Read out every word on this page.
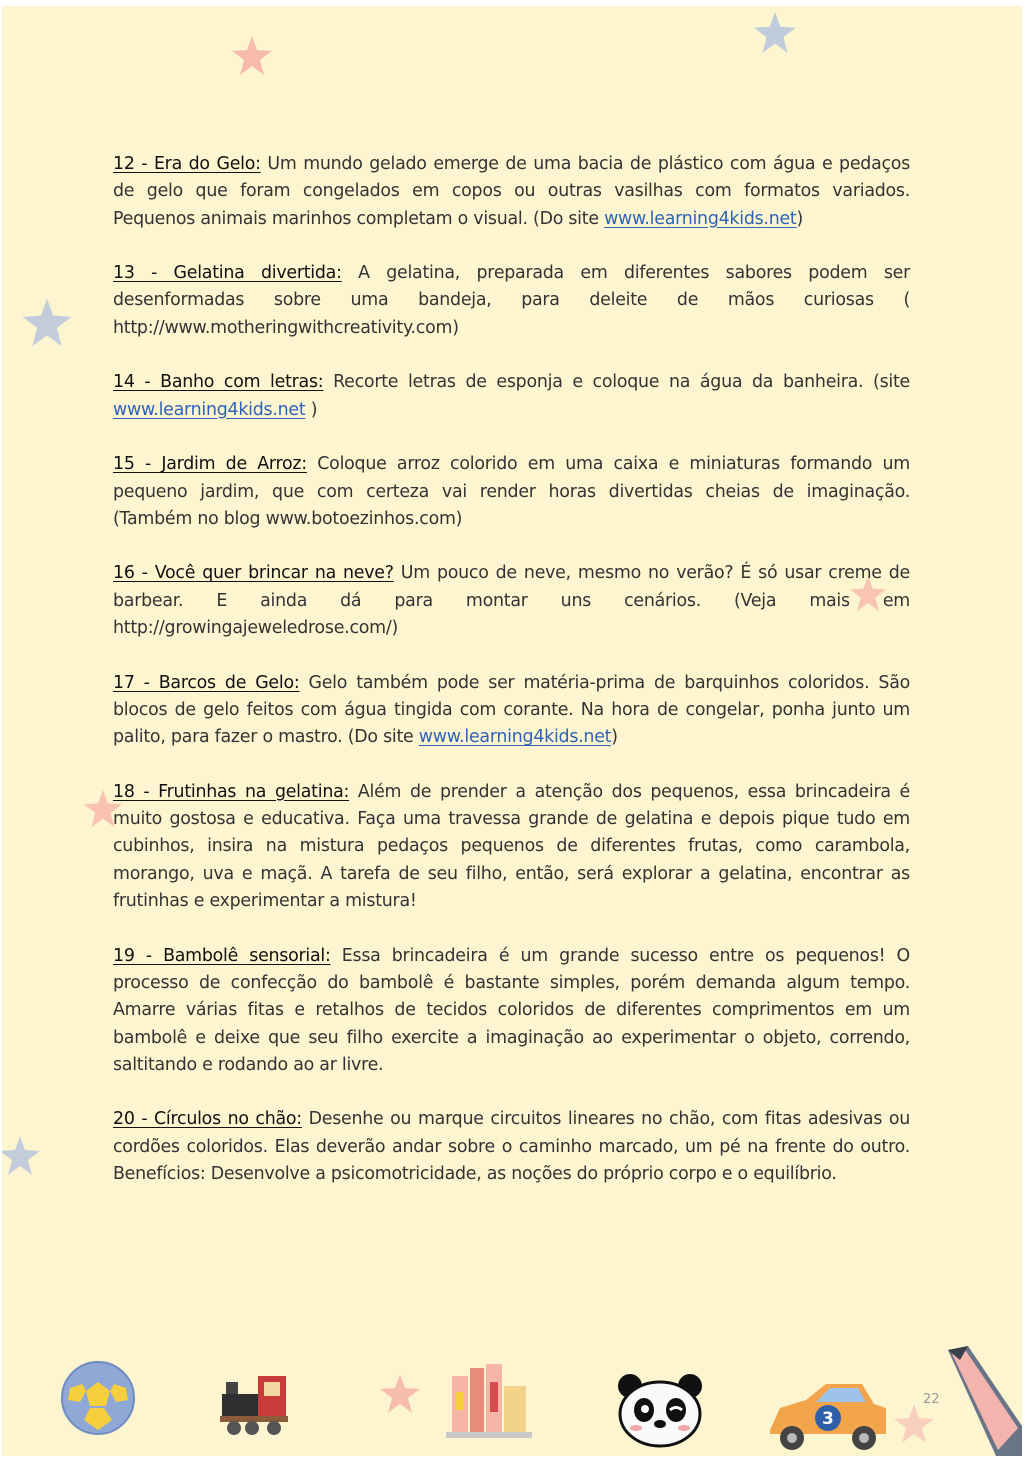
12 - Era do Gelo: Um mundo gelado emerge de uma bacia de plástico com água e pedaços de gelo que foram congelados em copos ou outras vasilhas com formatos variados. Pequenos animais marinhos completam o visual. (Do site www.learning4kids.net)

13 - Gelatina divertida: A gelatina, preparada em diferentes sabores podem ser desenformadas sobre uma bandeja, para deleite de mãos curiosas ( http://www.motheringwithcreativity.com)

14 - Banho com letras: Recorte letras de esponja e coloque na água da banheira. (site www.learning4kids.net )

15 - Jardim de Arroz: Coloque arroz colorido em uma caixa e miniaturas formando um pequeno jardim, que com certeza vai render horas divertidas cheias de imaginação. (Também no blog www.botoezinhos.com)

16 - Você quer brincar na neve? Um pouco de neve, mesmo no verão? É só usar creme de barbear. E ainda dá para montar uns cenários. (Veja mais em http://growingajeweledrose.com/)

17 - Barcos de Gelo: Gelo também pode ser matéria-prima de barquinhos coloridos. São blocos de gelo feitos com água tingida com corante. Na hora de congelar, ponha junto um palito, para fazer o mastro. (Do site www.learning4kids.net)

18 - Frutinhas na gelatina: Além de prender a atenção dos pequenos, essa brincadeira é muito gostosa e educativa. Faça uma travessa grande de gelatina e depois pique tudo em cubinhos, insira na mistura pedaços pequenos de diferentes frutas, como carambola, morango, uva e maçã. A tarefa de seu filho, então, será explorar a gelatina, encontrar as frutinhas e experimentar a mistura!

19 - Bambolê sensorial: Essa brincadeira é um grande sucesso entre os pequenos! O processo de confecção do bambolê é bastante simples, porém demanda algum tempo. Amarre várias fitas e retalhos de tecidos coloridos de diferentes comprimentos em um bambolê e deixe que seu filho exercite a imaginação ao experimentar o objeto, correndo, saltitando e rodando ao ar livre.

20 - Círculos no chão: Desenhe ou marque circuitos lineares no chão, com fitas adesivas ou cordões coloridos. Elas deverão andar sobre o caminho marcado, um pé na frente do outro. Benefícios: Desenvolve a psicomotricidade, as noções do próprio corpo e o equilíbrio.

22
3
